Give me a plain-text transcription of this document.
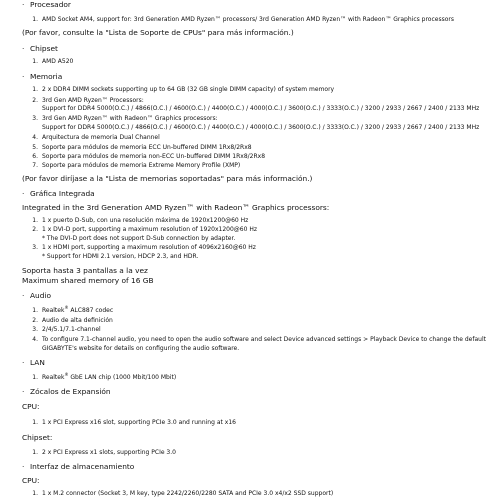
· Procesador
1. AMD Socket AM4, support for: 3rd Generation AMD Ryzen™ processors/ 3rd Generation AMD Ryzen™ with Radeon™ Graphics processors
(Por favor, consulte la "Lista de Soporte de CPUs" para más información.)
· Chipset
1. AMD A520
· Memoria
1. 2 x DDR4 DIMM sockets supporting up to 64 GB (32 GB single DIMM capacity) of system memory
2. 3rd Gen AMD Ryzen™ Processors:
Support for DDR4 5000(O.C.) / 4866(O.C.) / 4600(O.C.) / 4400(O.C.) / 4000(O.C.) / 3600(O.C.) / 3333(O.C.) / 3200 / 2933 / 2667 / 2400 / 2133 MHz
3. 3rd Gen AMD Ryzen™ with Radeon™ Graphics processors:
Support for DDR4 5000(O.C.) / 4866(O.C.) / 4600(O.C.) / 4400(O.C.) / 4000(O.C.) / 3600(O.C.) / 3333(O.C.) / 3200 / 2933 / 2667 / 2400 / 2133 MHz
4. Arquitectura de memoria Dual Channel
5. Soporte para módulos de memoria ECC Un-buffered DIMM 1Rx8/2Rx8
6. Soporte para módulos de memoria non-ECC Un-buffered DIMM 1Rx8/2Rx8
7. Soporte para módulos de memoria Extreme Memory Profile (XMP)
(Por favor diríjase a la "Lista de memorias soportadas" para más información.)
· Gráfica Integrada
Integrated in the 3rd Generation AMD Ryzen™ with Radeon™ Graphics processors:
1. 1 x puerto D-Sub, con una resolución máxima de 1920x1200@60 Hz
2. 1 x DVI-D port, supporting a maximum resolution of 1920x1200@60 Hz
* The DVI-D port does not support D-Sub connection by adapter.
3. 1 x HDMI port, supporting a maximum resolution of 4096x2160@60 Hz
* Support for HDMI 2.1 version, HDCP 2.3, and HDR.
Soporta hasta 3 pantallas a la vez
Maximum shared memory of 16 GB
· Audio
1. Realtek® ALC887 codec
2. Audio de alta definición
3. 2/4/5.1/7.1-channel
4. To configure 7.1-channel audio, you need to open the audio software and select Device advanced settings > Playback Device to change the default
GIGABYTE's website for details on configuring the audio software.
· LAN
1. Realtek® GbE LAN chip (1000 Mbit/100 Mbit)
· Zócalos de Expansión
CPU:
1. 1 x PCI Express x16 slot, supporting PCIe 3.0 and running at x16
Chipset:
1. 2 x PCI Express x1 slots, supporting PCIe 3.0
· Interfaz de almacenamiento
CPU:
1. 1 x M.2 connector (Socket 3, M key, type 2242/2260/2280 SATA and PCIe 3.0 x4/x2 SSD support)
